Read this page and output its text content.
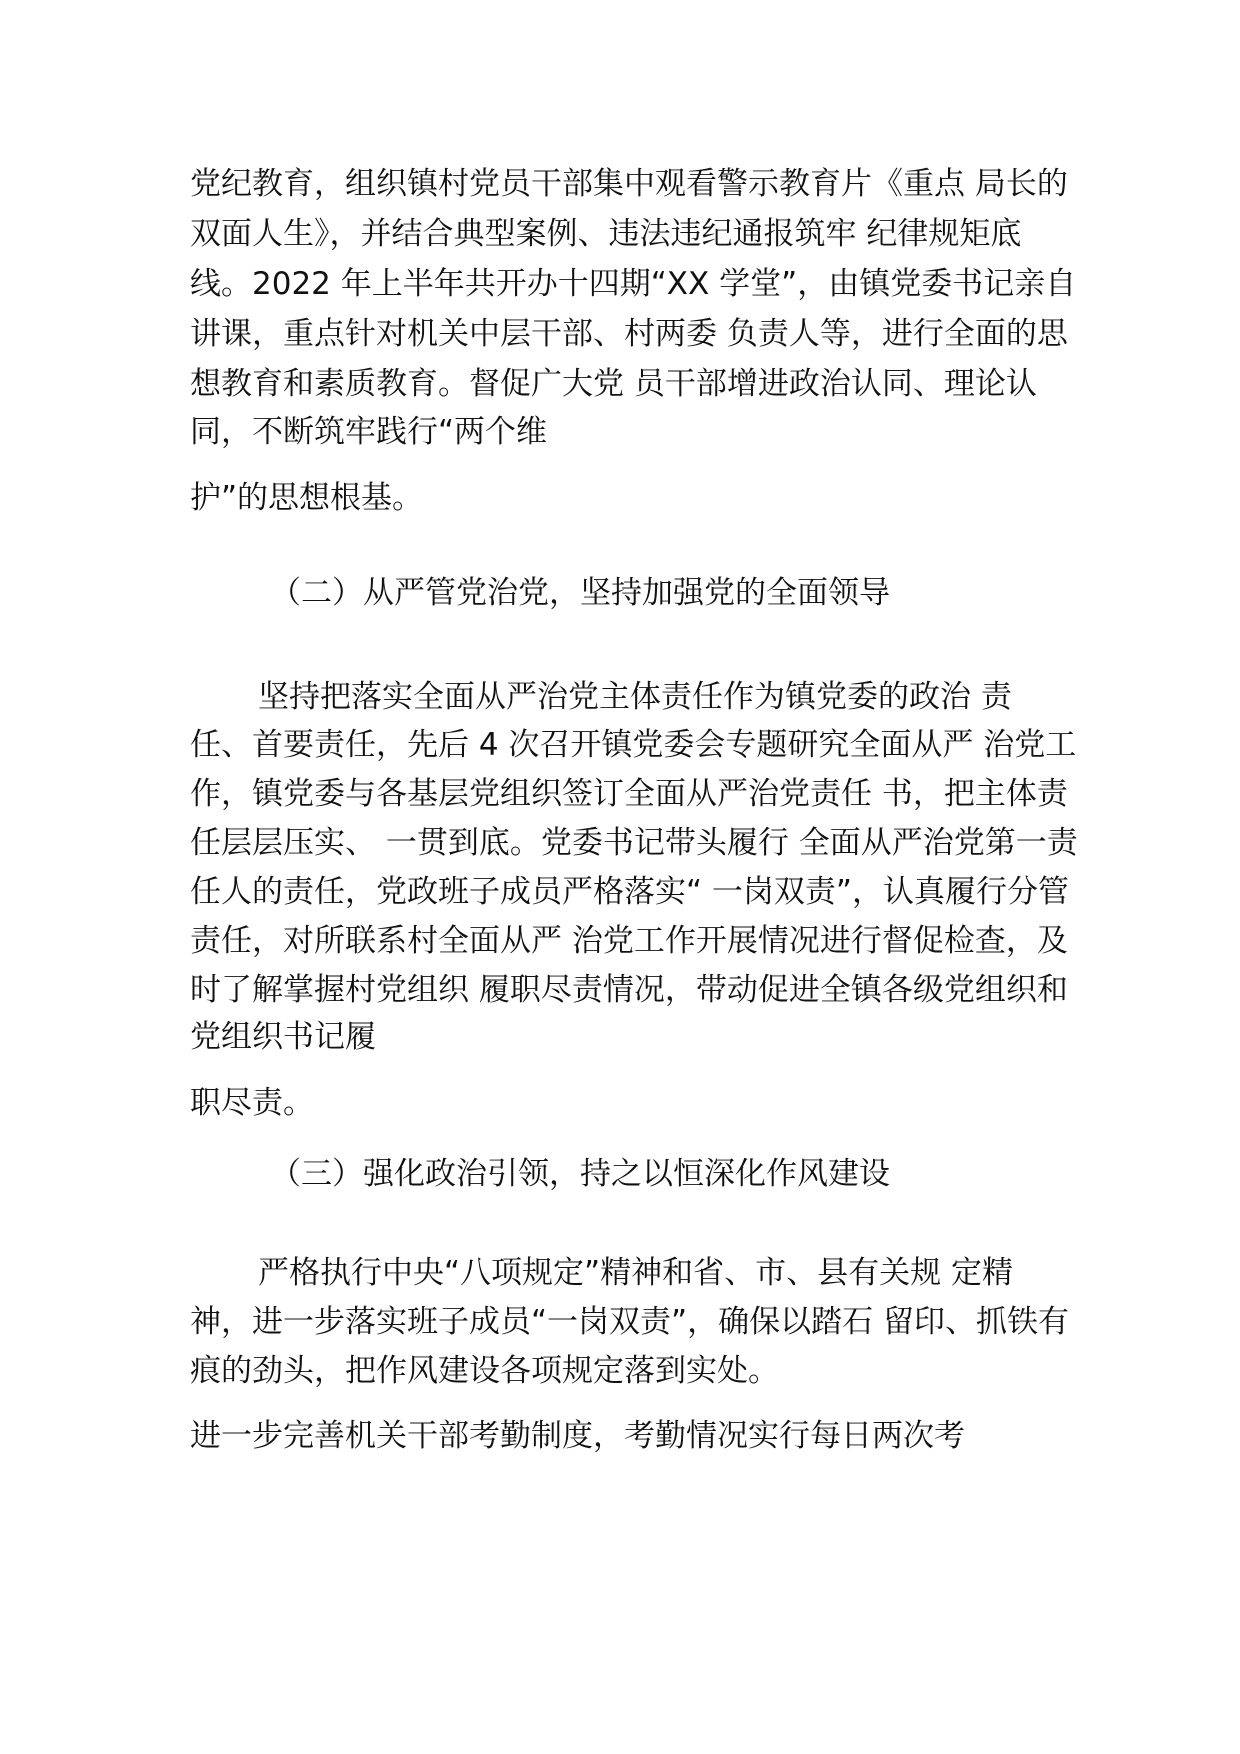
党纪教育，组织镇村党员干部集中观看警示教育片《重点 局长的

双面人生》，并结合典型案例、违法违纪通报筑牢 纪律规矩底

线。2022 年上半年共开办十四期“XX 学堂”，由镇党委书记亲自

讲课，重点针对机关中层干部、村两委 负责人等，进行全面的思

想教育和素质教育。督促广大党 员干部增进政治认同、理论认

同，不断筑牢践行“两个维

护”的思想根基。

（二）从严管党治党，坚持加强党的全面领导

坚持把落实全面从严治党主体责任作为镇党委的政治 责

任、首要责任，先后 4 次召开镇党委会专题研究全面从严 治党工

作，镇党委与各基层党组织签订全面从严治党责任 书，把主体责

任层层压实、 一贯到底。党委书记带头履行 全面从严治党第一责

任人的责任，党政班子成员严格落实“ 一岗双责”，认真履行分管

责任，对所联系村全面从严 治党工作开展情况进行督促检查，及

时了解掌握村党组织 履职尽责情况，带动促进全镇各级党组织和

党组织书记履

职尽责。

（三）强化政治引领，持之以恒深化作风建设

严格执行中央“八项规定”精神和省、市、县有关规 定精

神，进一步落实班子成员“一岗双责”，确保以踏石 留印、抓铁有

痕的劲头，把作风建设各项规定落到实处。

进一步完善机关干部考勤制度，考勤情况实行每日两次考
